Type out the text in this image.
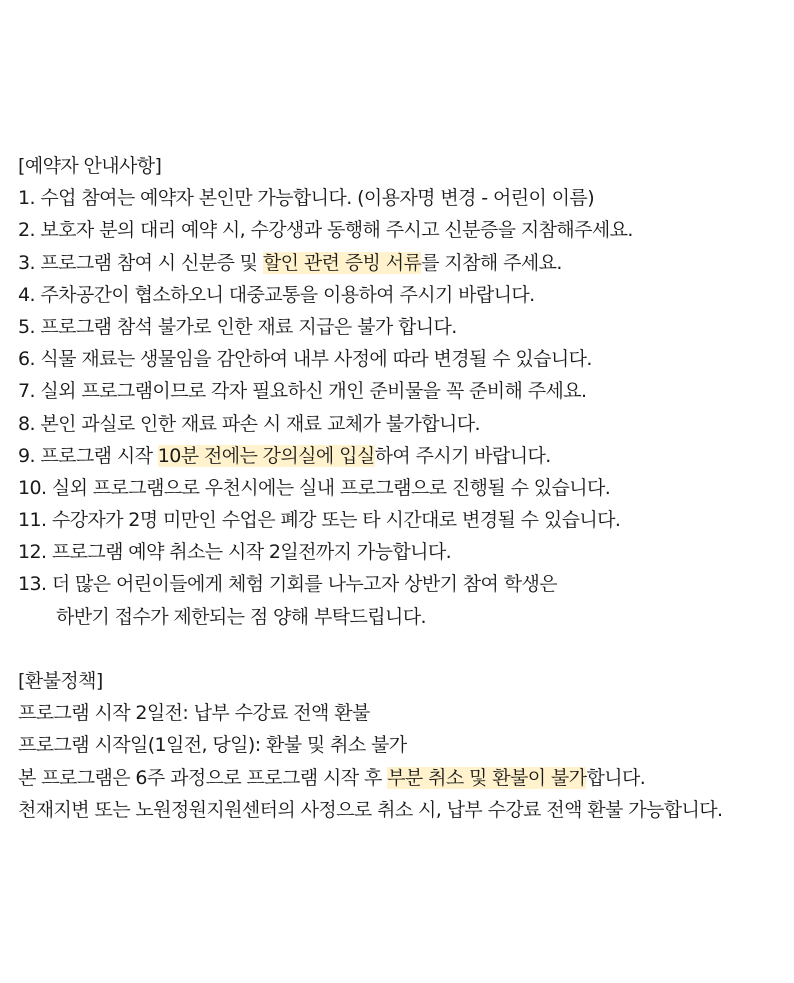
[예약자 안내사항]
1. 수업 참여는 예약자 본인만 가능합니다. (이용자명 변경 - 어린이 이름)
2. 보호자 분의 대리 예약 시, 수강생과 동행해 주시고 신분증을 지참해주세요.
3. 프로그램 참여 시 신분증 및 할인 관련 증빙 서류를 지참해 주세요.
4. 주차공간이 협소하오니 대중교통을 이용하여 주시기 바랍니다.
5. 프로그램 참석 불가로 인한 재료 지급은 불가 합니다.
6. 식물 재료는 생물임을 감안하여 내부 사정에 따라 변경될 수 있습니다.
7. 실외 프로그램이므로 각자 필요하신 개인 준비물을 꼭 준비해 주세요.
8. 본인 과실로 인한 재료 파손 시 재료 교체가 불가합니다.
9. 프로그램 시작 10분 전에는 강의실에 입실하여 주시기 바랍니다.
10. 실외 프로그램으로 우천시에는 실내 프로그램으로 진행될 수 있습니다.
11. 수강자가 2명 미만인 수업은 폐강 또는 타 시간대로 변경될 수 있습니다.
12. 프로그램 예약 취소는 시작 2일전까지 가능합니다.
13. 더 많은 어린이들에게 체험 기회를 나누고자 상반기 참여 학생은
하반기 접수가 제한되는 점 양해 부탁드립니다.
[환불정책]
프로그램 시작 2일전: 납부 수강료 전액 환불
프로그램 시작일(1일전, 당일): 환불 및 취소 불가
본 프로그램은 6주 과정으로 프로그램 시작 후 부분 취소 및 환불이 불가합니다.
천재지변 또는 노원정원지원센터의 사정으로 취소 시, 납부 수강료 전액 환불 가능합니다.
